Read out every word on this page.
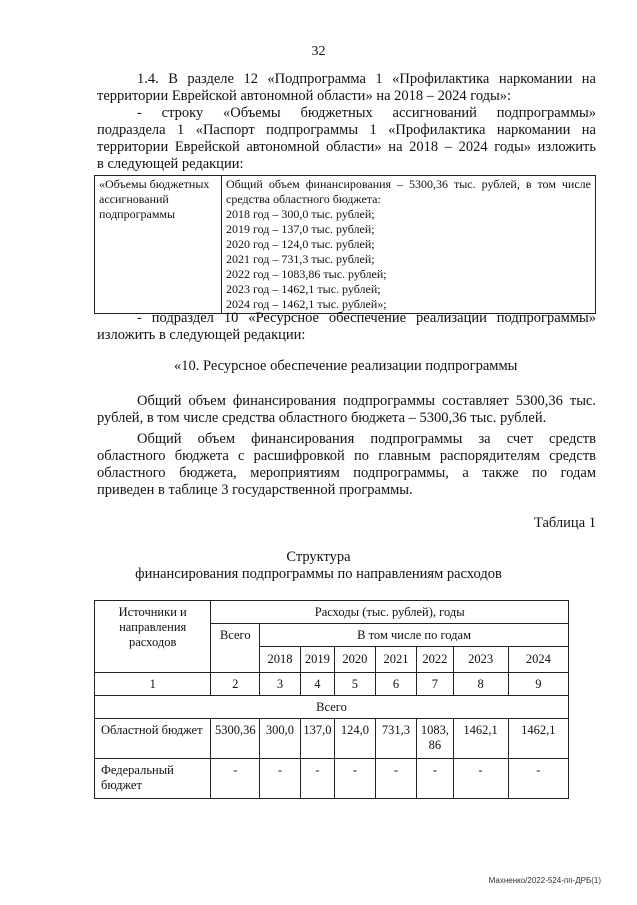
32
1.4. В разделе 12 «Подпрограмма 1 «Профилактика наркомании на
территории Еврейской автономной области» на 2018 – 2024 годы»:
- строку «Объемы бюджетных ассигнований подпрограммы»
подраздела 1 «Паспорт подпрограммы 1 «Профилактика наркомании на
территории Еврейской автономной области» на 2018 – 2024 годы» изложить
в следующей редакции:
«Объемы бюджетных ассигнований подпрограммы	
Общий объем финансирования – 5300,36 тыс. рублей, в том числе средства областного бюджета:
2018 год – 300,0 тыс. рублей;
2019 год – 137,0 тыс. рублей;
2020 год – 124,0 тыс. рублей;
2021 год – 731,3 тыс. рублей;
2022 год – 1083,86 тыс. рублей;
2023 год – 1462,1 тыс. рублей;
2024 год – 1462,1 тыс. рублей»;
- подраздел 10 «Ресурсное обеспечение реализации подпрограммы»
изложить в следующей редакции:
«10. Ресурсное обеспечение реализации подпрограммы
Общий объем финансирования подпрограммы составляет 5300,36 тыс.
рублей, в том числе средства областного бюджета – 5300,36 тыс. рублей.
Общий объем финансирования подпрограммы за счет средств
областного бюджета с расшифровкой по главным распорядителям средств
областного бюджета, мероприятиям подпрограммы, а также по годам
приведен в таблице 3 государственной программы.
Таблица 1
Структура
финансирования подпрограммы по направлениям расходов
Источники и направления расходов	Расходы (тыс. рублей), годы							
	Всего	В том числе по годам						
		2018	2019	2020	2021	2022	2023	2024
1	2	3	4	5	6	7	8	9
Всего								
Областной бюджет	5300,36	300,0	137,0	124,0	731,3	1083,86	1462,1	1462,1
Федеральный бюджет	-	-	-	-	-	-	-	-
Махненко/2022-524-пп-ДРБ(1)
